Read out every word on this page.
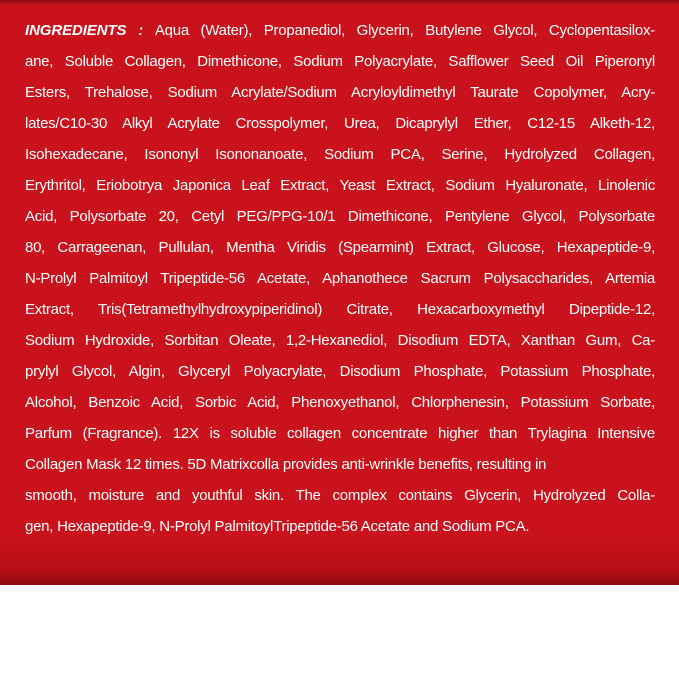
INGREDIENTS : Aqua (Water), Propanediol, Glycerin, Butylene Glycol, Cyclopentasilox-
ane, Soluble Collagen, Dimethicone, Sodium Polyacrylate, Safflower Seed Oil Piperonyl
Esters, Trehalose, Sodium Acrylate/Sodium Acryloyldimethyl Taurate Copolymer, Acry-
lates/C10-30 Alkyl Acrylate Crosspolymer, Urea, Dicaprylyl Ether, C12-15 Alketh-12,
Isohexadecane, Isononyl Isononanoate, Sodium PCA, Serine, Hydrolyzed Collagen,
Erythritol, Eriobotrya Japonica Leaf Extract, Yeast Extract, Sodium Hyaluronate, Linolenic
Acid, Polysorbate 20, Cetyl PEG/PPG-10/1 Dimethicone, Pentylene Glycol, Polysorbate
80, Carrageenan, Pullulan, Mentha Viridis (Spearmint) Extract, Glucose, Hexapeptide-9,
N-Prolyl Palmitoyl Tripeptide-56 Acetate, Aphanothece Sacrum Polysaccharides, Artemia
Extract, Tris(Tetramethylhydroxypiperidinol) Citrate, Hexacarboxymethyl Dipeptide-12,
Sodium Hydroxide, Sorbitan Oleate, 1,2-Hexanediol, Disodium EDTA, Xanthan Gum, Ca-
prylyl Glycol, Algin, Glyceryl Polyacrylate, Disodium Phosphate, Potassium Phosphate,
Alcohol, Benzoic Acid, Sorbic Acid, Phenoxyethanol, Chlorphenesin, Potassium Sorbate,
Parfum (Fragrance). 12X is soluble collagen concentrate higher than Trylagina Intensive
Collagen Mask 12 times. 5D Matrixcolla provides anti-wrinkle benefits, resulting in
smooth, moisture and youthful skin. The complex contains Glycerin, Hydrolyzed Colla-
gen, Hexapeptide-9, N-Prolyl PalmitoylTripeptide-56 Acetate and Sodium PCA.
